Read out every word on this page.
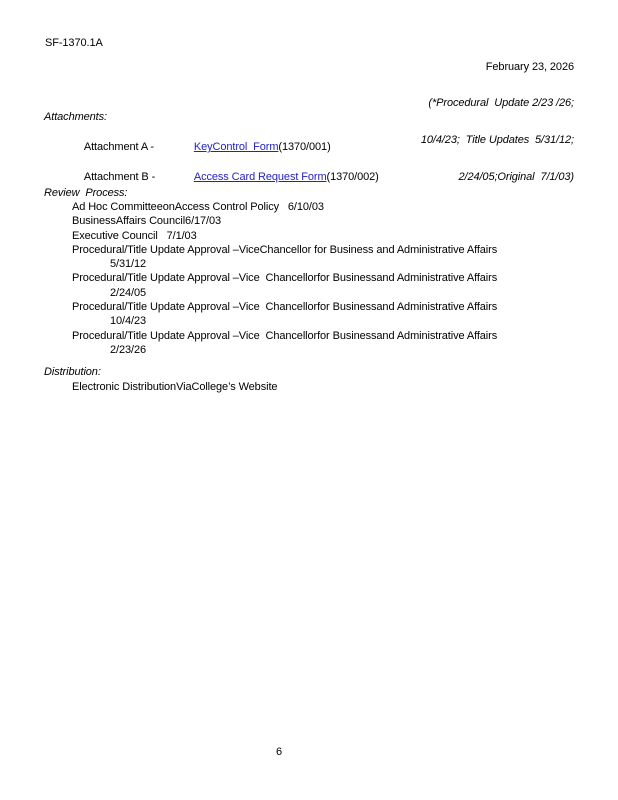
SF-1370.1A

February 23, 2026

(*Procedural  Update 2/23 /26;

10/4/23;  Title Updates  5/31/12;

2/24/05;Original  7/1/03)

Attachments:

Attachment A -	KeyControl  Form(1370/001)

Attachment B -	Access Card Request Form(1370/002)

Review  Process:
Ad Hoc CommitteeonAccess Control Policy   6/10/03
BusinessAffairs Council6/17/03
Executive Council   7/1/03
Procedural/Title Update Approval –ViceChancellor for Business and Administrative Affairs
5/31/12
Procedural/Title Update Approval –Vice  Chancellorfor Businessand Administrative Affairs
2/24/05
Procedural/Title Update Approval –Vice  Chancellorfor Businessand Administrative Affairs
10/4/23
Procedural/Title Update Approval –Vice  Chancellorfor Businessand Administrative Affairs
2/23/26
Distribution:
Electronic DistributionViaCollege’s Website
6
